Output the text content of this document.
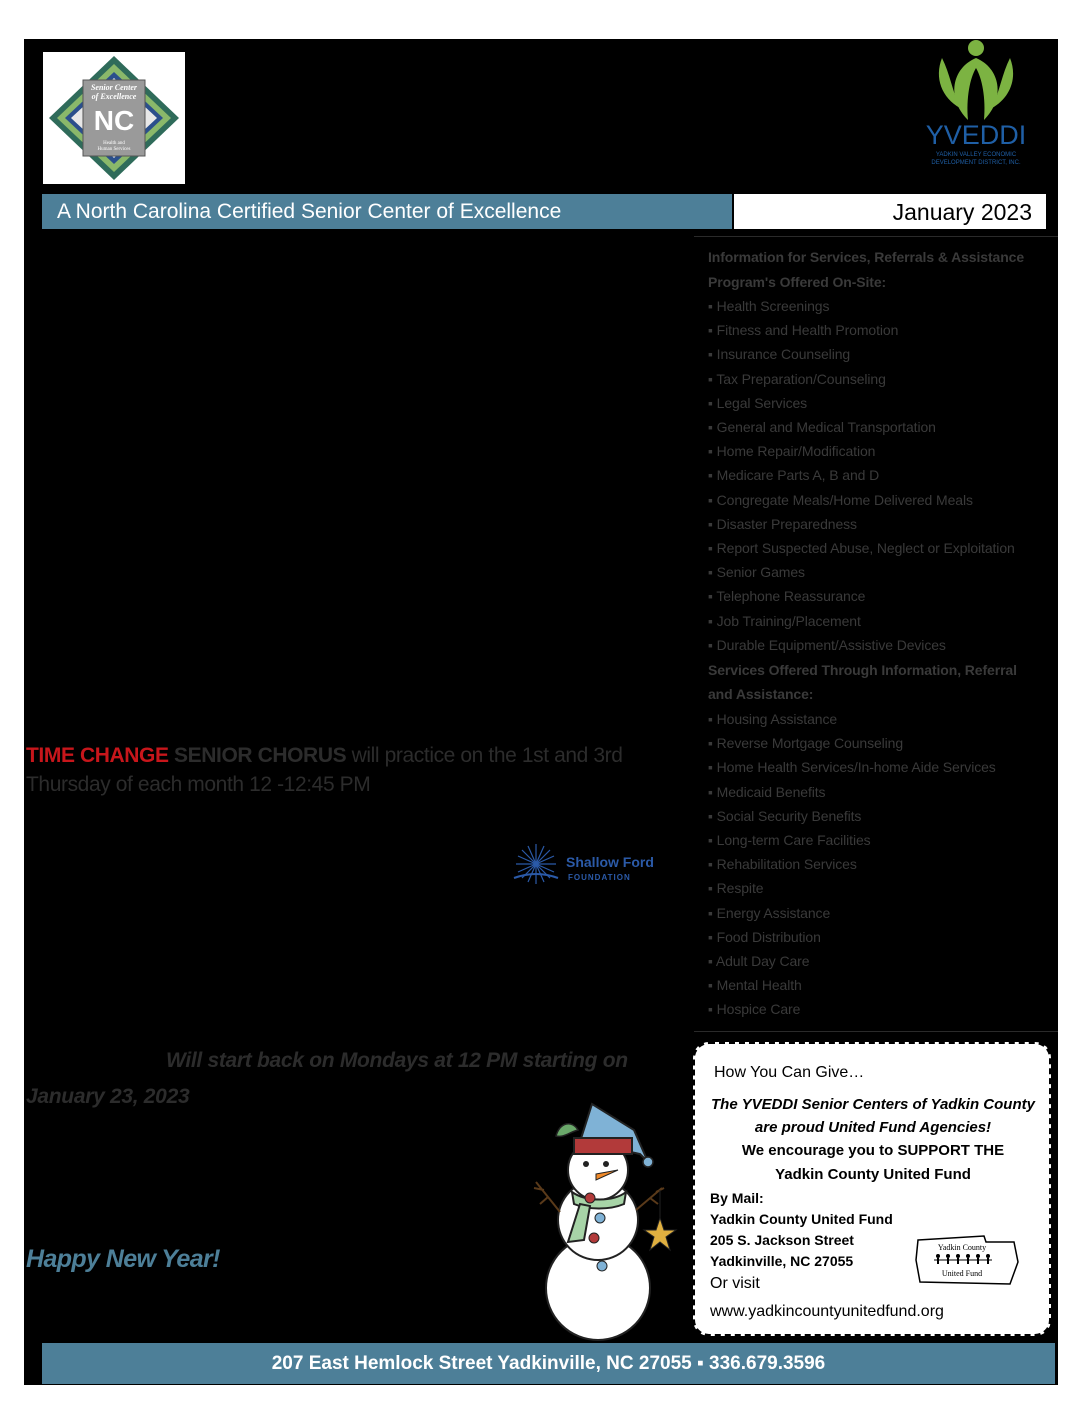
Senior Center
of Excellence
NC
Health and
Human Services	YVEDDI
YADKIN VALLEY ECONOMIC
DEVELOPMENT DISTRICT, INC.
A North Carolina Certified Senior Center of Excellence	January 2023
Information for Services, Referrals & Assistance
Program's Offered On-Site:
▪ Health Screenings
▪ Fitness and Health Promotion
▪ Insurance Counseling
▪ Tax Preparation/Counseling
▪ Legal Services
▪ General and Medical Transportation
▪ Home Repair/Modification
▪ Medicare Parts A, B and D
▪ Congregate Meals/Home Delivered Meals
▪ Disaster Preparedness
▪ Report Suspected Abuse, Neglect or Exploitation
▪ Senior Games
▪ Telephone Reassurance
▪ Job Training/Placement
▪ Durable Equipment/Assistive Devices
Services Offered Through Information, Referral
and Assistance:
▪ Housing Assistance
▪ Reverse Mortgage Counseling
▪ Home Health Services/In-home Aide Services
▪ Medicaid Benefits
▪ Social Security Benefits
▪ Long-term Care Facilities
▪ Rehabilitation Services
▪ Respite
▪ Energy Assistance
▪ Food Distribution
▪ Adult Day Care
▪ Mental Health
▪ Hospice Care
TIME CHANGE SENIOR CHORUS will practice on the 1st and 3rd
Thursday of each month 12 -12:45 PM
Shallow Ford
FOUNDATION
Will start back on Mondays at 12 PM starting on
January 23, 2023
Happy New Year!
How You Can Give…
The YVEDDI Senior Centers of Yadkin County
are proud United Fund Agencies!
We encourage you to SUPPORT THE
Yadkin County United Fund
By Mail:
Yadkin County United Fund
205 S. Jackson Street
Yadkinville, NC 27055
Or visit
www.yadkincountyunitedfund.org
Yadkin County
United Fund
207 East Hemlock Street Yadkinville, NC 27055 ▪ 336.679.3596
